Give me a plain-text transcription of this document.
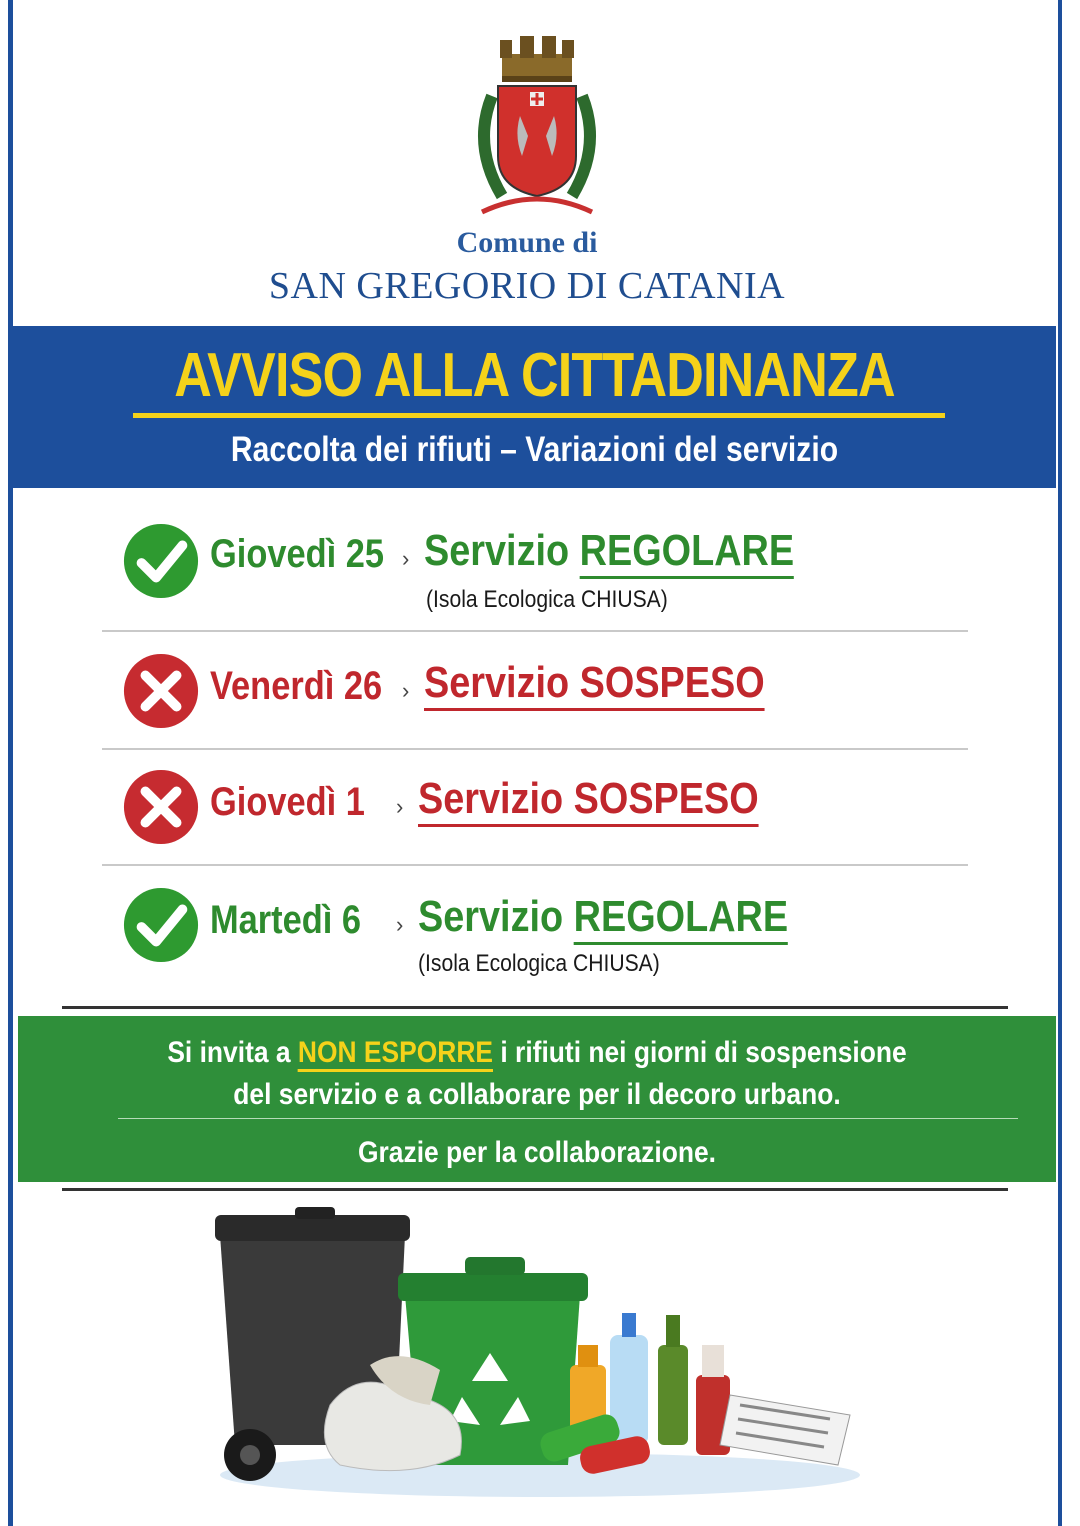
Comune di
SAN GREGORIO DI CATANIA
AVVISO ALLA CITTADINANZA
Raccolta dei rifiuti – Variazioni del servizio
Giovedì 25 › Servizio REGOLARE
(Isola Ecologica CHIUSA)
Venerdì 26 › Servizio SOSPESO
Giovedì 1 › Servizio SOSPESO
Martedì 6 › Servizio REGOLARE
(Isola Ecologica CHIUSA)
Si invita a NON ESPORRE i rifiuti nei giorni di sospensione
del servizio e a collaborare per il decoro urbano.
Grazie per la collaborazione.
